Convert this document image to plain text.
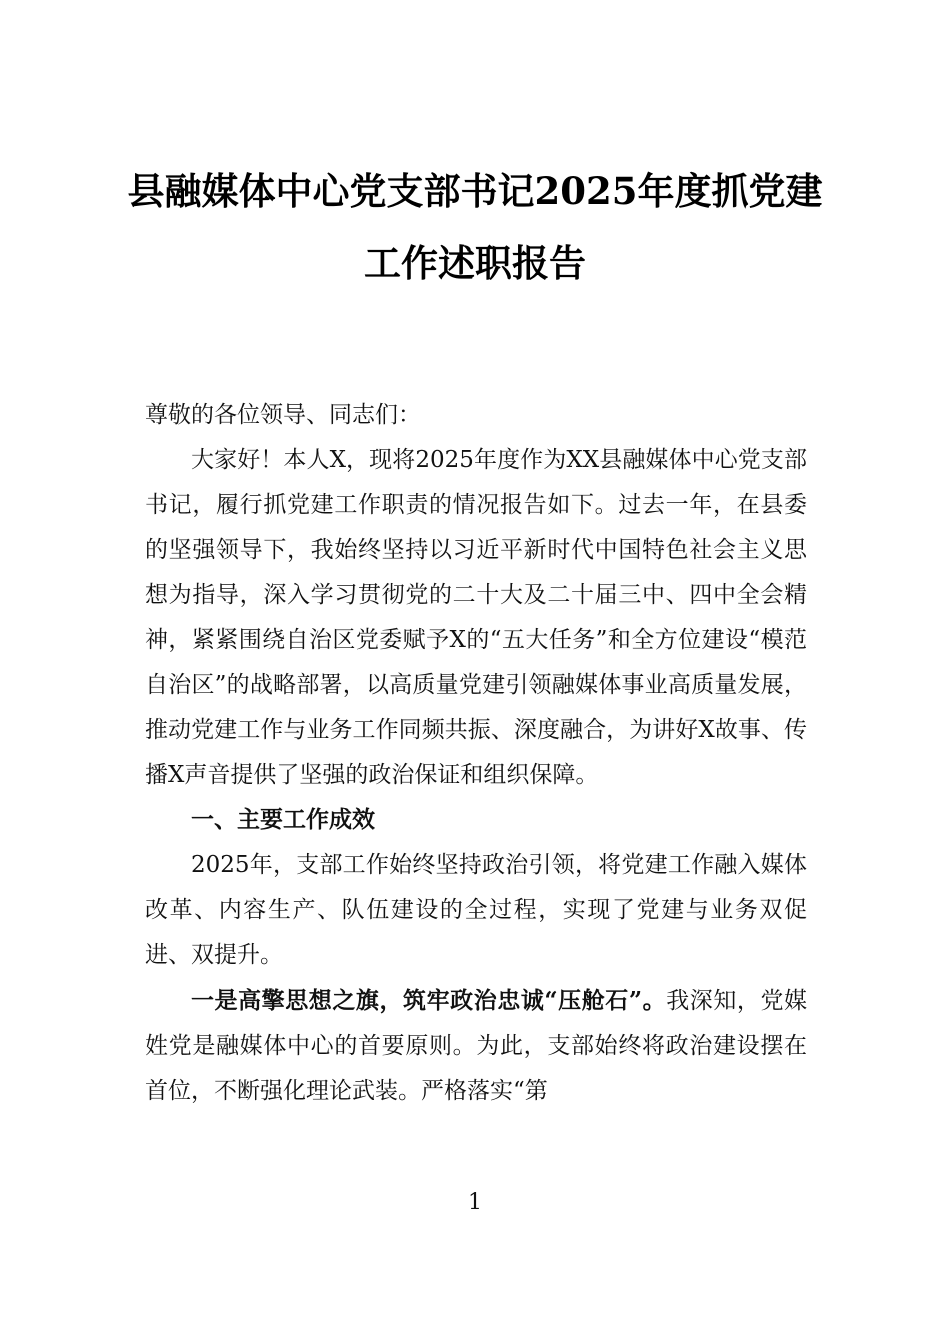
县融媒体中心党支部书记2025年度抓党建
工作述职报告

尊敬的各位领导、同志们：

大家好！本人X，现将2025年度作为XX县融媒体中心党支部书记，履行抓党建工作职责的情况报告如下。过去一年，在县委的坚强领导下，我始终坚持以习近平新时代中国特色社会主义思想为指导，深入学习贯彻党的二十大及二十届三中、四中全会精神，紧紧围绕自治区党委赋予X的“五大任务”和全方位建设“模范自治区”的战略部署，以高质量党建引领融媒体事业高质量发展，推动党建工作与业务工作同频共振、深度融合，为讲好X故事、传播X声音提供了坚强的政治保证和组织保障。

一、主要工作成效

2025年，支部工作始终坚持政治引领，将党建工作融入媒体改革、内容生产、队伍建设的全过程，实现了党建与业务双促进、双提升。

一是高擎思想之旗，筑牢政治忠诚“压舱石”。我深知，党媒姓党是融媒体中心的首要原则。为此，支部始终将政治建设摆在首位，不断强化理论武装。严格落实“第

1
